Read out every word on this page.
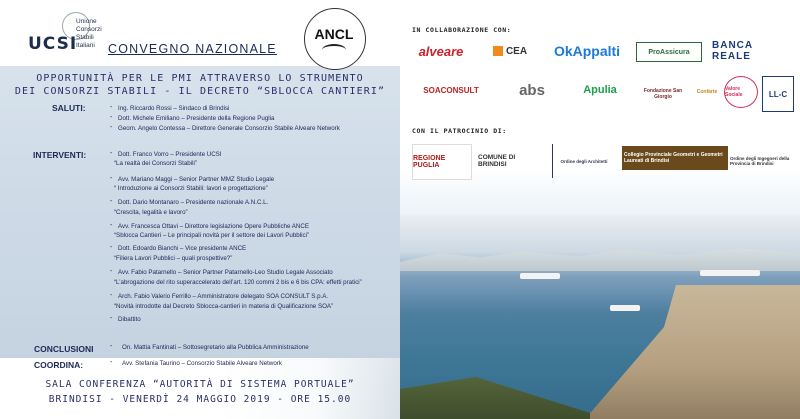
UCSI
Unione
Consorzi
Stabili
Italiani
ANCL
CONVEGNO NAZIONALE
OPPORTUNITÀ PER LE PMI ATTRAVERSO LO STRUMENTO
DEI CONSORZI STABILI - IL DECRETO “SBLOCCA CANTIERI”
SALUTI:	- Ing. Riccardo Rossi – Sindaco di Brindisi
- Dott. Michele Emiliano – Presidente della Regione Puglia
- Geom. Angelo Contessa – Direttore Generale Consorzio Stabile Alveare Network
INTERVENTI:	- Dott. Franco Vorro – Presidente UCSI
“La realtà dei Consorzi Stabili”
- Avv. Mariano Maggi – Senior Partner MMZ Studio Legale
“ Introduzione ai Consorzi Stabili: lavori e progettazione”
- Dott. Dario Montanaro – Presidente nazionale A.N.C.L.
“Crescita, legalità e lavoro”
- Avv. Francesca Ottavi – Direttore legislazione Opere Pubbliche ANCE
“Sblocca Cantieri – Le principali novità per il settore dei Lavori Pubblici”
- Dott. Edoardo Bianchi – Vice presidente ANCE
“Filiera Lavori Pubblici – quali prospettive?”
- Avv. Fabio Patarnello – Senior Partner Patarnello-Leo Studio Legale Associato
“L’abrogazione del rito superaccelerato dell’art. 120 commi 2 bis e 6 bis CPA: effetti pratici”
- Arch. Fabio Valerio Ferrillo – Amministratore delegato SOA CONSULT S.p.A.
“Novità introdotte dal Decreto Sblocca-cantieri in materia di Qualificazione SOA”
- Dibattito
CONCLUSIONI - On. Mattia Fantinati – Sottosegretario alla Pubblica Amministrazione
COORDINA:	- Avv. Stefania Taurino – Consorzio Stabile Alveare Network
SALA CONFERENZA “AUTORITÀ DI SISTEMA PORTUALE”
BRINDISI - VENERDÌ 24 MAGGIO 2019 - ORE 15.00
IN COLLABORAZIONE CON:
CON IL PATROCINIO DI:
alveare	CEA	OkAppalti	ProAssicura
BANCA REALE
SOACONSULT	abs	Apulia	Fondazione San Giorgio
Confarte	Valore Sociale	LL-C
REGIONE PUGLIA
COMUNE DI BRINDISI	Ordine degli Architetti
Collegio Provinciale Geometri e Geometri Laureati di Brindisi	Ordine degli Ingegneri della Provincia di Brindisi
